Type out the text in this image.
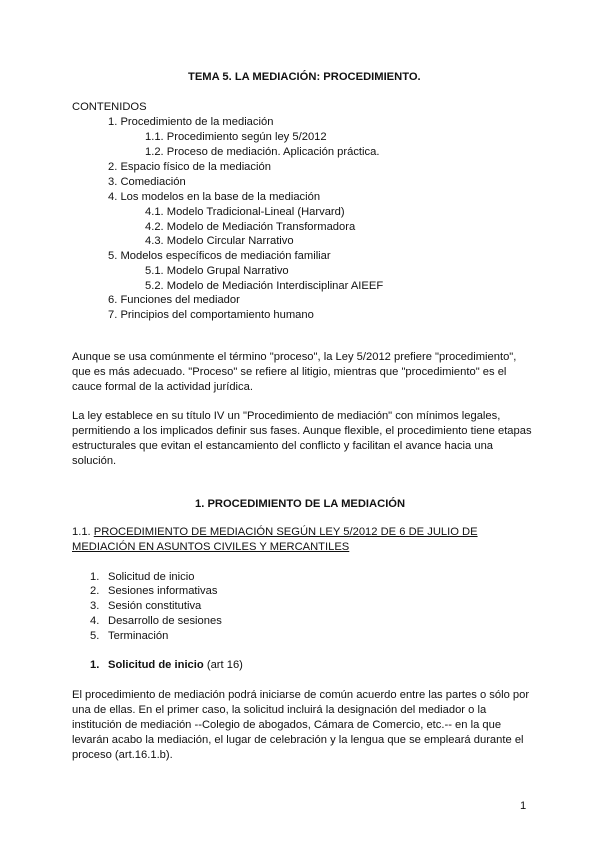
TEMA 5. LA MEDIACIÓN: PROCEDIMIENTO.
CONTENIDOS
1. Procedimiento de la mediación
1.1. Procedimiento según ley 5/2012
1.2. Proceso de mediación. Aplicación práctica.
2. Espacio físico de la mediación
3. Comediación
4. Los modelos en la base de la mediación
4.1. Modelo Tradicional-Lineal (Harvard)
4.2. Modelo de Mediación Transformadora
4.3. Modelo Circular Narrativo
5. Modelos específicos de mediación familiar
5.1. Modelo Grupal Narrativo
5.2. Modelo de Mediación Interdisciplinar AIEEF
6. Funciones del mediador
7. Principios del comportamiento humano
Aunque se usa comúnmente el término "proceso", la Ley 5/2012 prefiere "procedimiento", que es más adecuado. "Proceso" se refiere al litigio, mientras que "procedimiento" es el cauce formal de la actividad jurídica.
La ley establece en su título IV un "Procedimiento de mediación" con mínimos legales, permitiendo a los implicados definir sus fases. Aunque flexible, el procedimiento tiene etapas estructurales que evitan el estancamiento del conflicto y facilitan el avance hacia una solución.
1. PROCEDIMIENTO DE LA MEDIACIÓN
1.1. PROCEDIMIENTO DE MEDIACIÓN SEGÚN LEY 5/2012 DE 6 DE JULIO DE MEDIACIÓN EN ASUNTOS CIVILES Y MERCANTILES
1. Solicitud de inicio
2. Sesiones informativas
3. Sesión constitutiva
4. Desarrollo de sesiones
5. Terminación
1. Solicitud de inicio (art 16)
El procedimiento de mediación podrá iniciarse de común acuerdo entre las partes o sólo por una de ellas. En el primer caso, la solicitud incluirá la designación del mediador o la institución de mediación --Colegio de abogados, Cámara de Comercio, etc.-- en la que levarán acabo la mediación, el lugar de celebración y la lengua que se empleará durante el proceso (art.16.1.b).
1
